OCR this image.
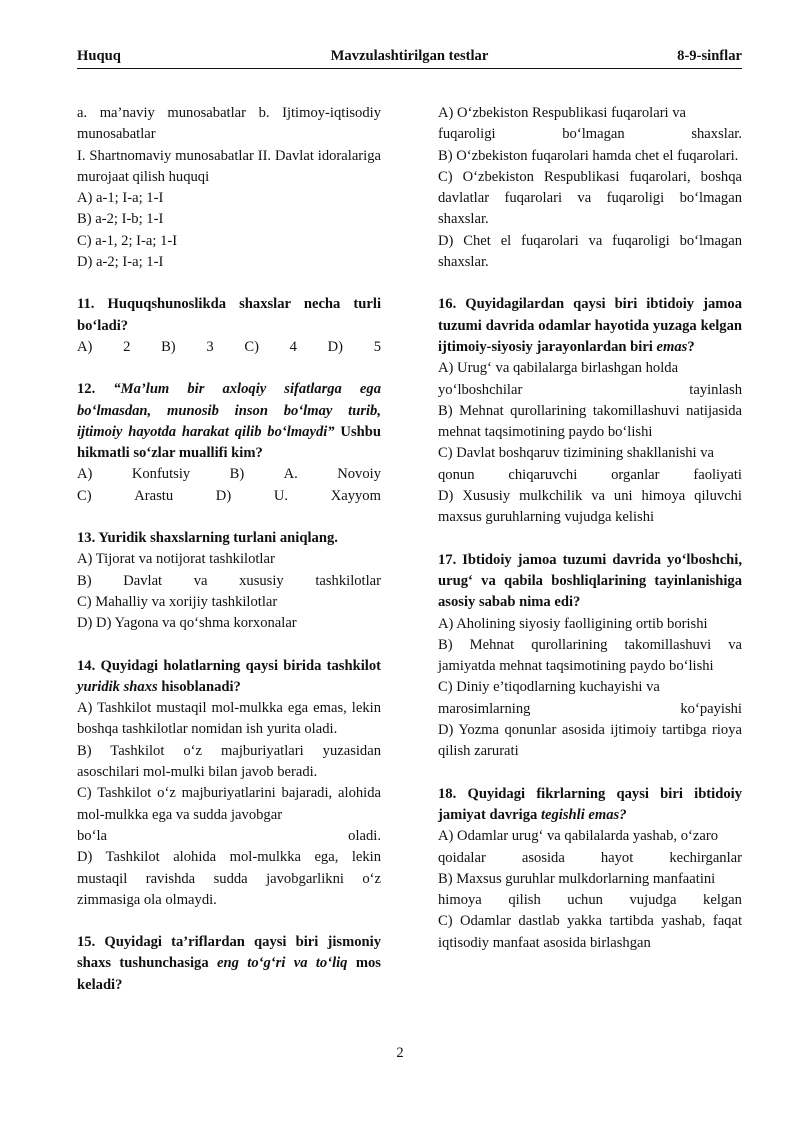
Huquq	Mavzulashtirilgan testlar	8-9-sinflar

a. ma’naviy munosabatlar b. Ijtimoy-iqtisodiy munosabatlar

I. Shartnomaviy munosabatlar II. Davlat idoralariga murojaat qilish huquqi

A) a-1; I-a; 1-I

B) a-2; I-b; 1-I

C) a-1, 2; I-a; 1-I

D) a-2; I-a; 1-I

11. Huquqshunoslikda shaxslar necha turli bo‘ladi?

A) 2 B) 3 C) 4 D) 5

12. “Ma’lum bir axloqiy sifatlarga ega bo‘lmasdan, munosib inson bo‘lmay turib, ijtimoiy hayotda harakat qilib bo‘lmaydi” Ushbu hikmatli so‘zlar muallifi kim?

A)	Konfutsiy	B)	A.	Novoiy
C)	Arastu	D)	U.	Xayyom

13. Yuridik shaxslarning turlani aniqlang.

A) Tijorat va notijorat tashkilotlar

B) Davlat va xususiy tashkilotlar

C) Mahalliy va xorijiy tashkilotlar

D) D) Yagona va qo‘shma korxonalar

14. Quyidagi holatlarning qaysi birida tashkilot yuridik shaxs hisoblanadi?

A) Tashkilot mustaqil mol-mulkka ega emas, lekin boshqa tashkilotlar nomidan ish yurita oladi.

B) Tashkilot o‘z majburiyatlari yuzasidan asoschilari mol-mulki bilan javob beradi.

C) Tashkilot o‘z majburiyatlarini bajaradi, alohida mol-mulkka ega va sudda javobgar

bo‘la	oladi.

D) Tashkilot alohida mol-mulkka ega, lekin mustaqil ravishda sudda javobgarlikni o‘z zimmasiga ola olmaydi.

15. Quyidagi ta’riflardan qaysi biri jismoniy shaxs tushunchasiga eng to‘g‘ri va to‘liq mos keladi?

A) O‘zbekiston Respublikasi fuqarolari va

fuqaroligi	bo‘lmagan	shaxslar.

B) O‘zbekiston fuqarolari hamda chet el fuqarolari.

C) O‘zbekiston Respublikasi fuqarolari, boshqa davlatlar fuqarolari va fuqaroligi bo‘lmagan shaxslar.

D) Chet el fuqarolari va fuqaroligi bo‘lmagan shaxslar.

16. Quyidagilardan qaysi biri ibtidoiy jamoa tuzumi davrida odamlar hayotida yuzaga kelgan ijtimoiy-siyosiy jarayonlardan biri emas?

A) Urug‘ va qabilalarga birlashgan holda

yo‘lboshchilar	tayinlash

B) Mehnat qurollarining takomillashuvi natijasida mehnat taqsimotining paydo bo‘lishi

C) Davlat boshqaruv tizimining shakllanishi va

qonun chiqaruvchi organlar faoliyati

D) Xususiy mulkchilik va uni himoya qiluvchi maxsus guruhlarning vujudga kelishi

17. Ibtidoiy jamoa tuzumi davrida yo‘lboshchi, urug‘ va qabila boshliqlarining tayinlanishiga asosiy sabab nima edi?

A) Aholining siyosiy faolligining ortib borishi

B) Mehnat qurollarining takomillashuvi va jamiyatda mehnat taqsimotining paydo bo‘lishi

C) Diniy e’tiqodlarning kuchayishi va

marosimlarning	ko‘payishi

D) Yozma qonunlar asosida ijtimoiy tartibga rioya qilish zarurati

18. Quyidagi fikrlarning qaysi biri ibtidoiy jamiyat davriga tegishli emas?

A) Odamlar urug‘ va qabilalarda yashab, o‘zaro

qoidalar asosida hayot kechirganlar

B) Maxsus guruhlar mulkdorlarning manfaatini

himoya qilish uchun vujudga kelgan

C) Odamlar dastlab yakka tartibda yashab, faqat iqtisodiy manfaat asosida birlashgan

2
